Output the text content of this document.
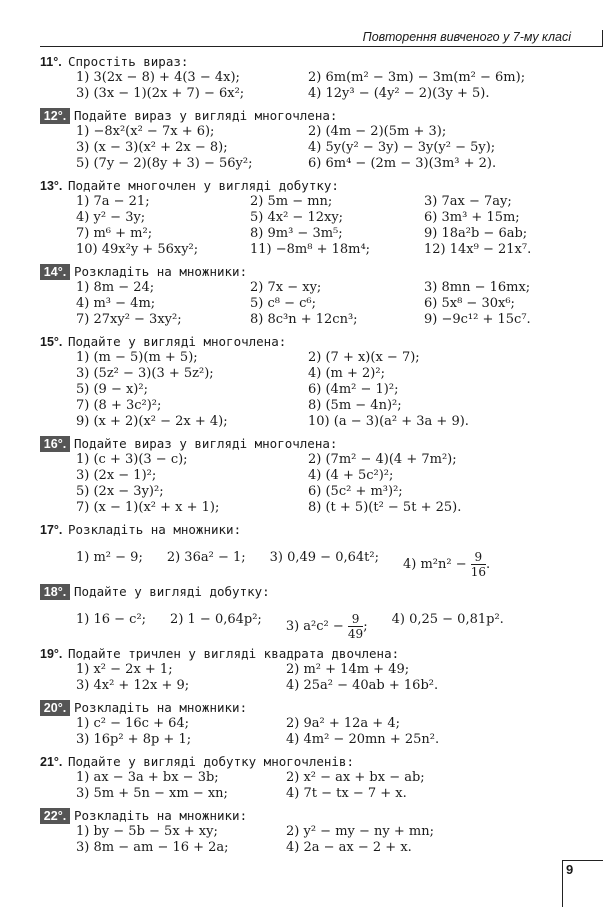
Повторення вивченого у 7-му класі
11°. Спростіть вираз:
1) 3(2x − 8) + 4(3 − 4x);	2) 6m(m² − 3m) − 3m(m² − 6m);
3) (3x − 1)(2x + 7) − 6x²;	4) 12y³ − (4y² − 2)(3y + 5).
12°. Подайте вираз у вигляді многочлена:
1) −8x²(x² − 7x + 6);	2) (4m − 2)(5m + 3);
3) (x − 3)(x² + 2x − 8);	4) 5y(y² − 3y) − 3y(y² − 5y);
5) (7y − 2)(8y + 3) − 56y²;	6) 6m⁴ − (2m − 3)(3m³ + 2).
13°. Подайте многочлен у вигляді добутку:
1) 7a − 21;	2) 5m − mn;	3) 7ax − 7ay;
4) y² − 3y;	5) 4x² − 12xy;	6) 3m³ + 15m;
7) m⁶ + m²;	8) 9m³ − 3m⁵;	9) 18a²b − 6ab;
10) 49x²y + 56xy²;	11) −8m⁸ + 18m⁴;	12) 14x⁹ − 21x⁷.
14°. Розкладіть на множники:
1) 8m − 24;	2) 7x − xy;	3) 8mn − 16mx;
4) m³ − 4m;	5) c⁸ − c⁶;	6) 5x⁸ − 30x⁶;
7) 27xy² − 3xy²;	8) 8c³n + 12cn³;	9) −9c¹² + 15c⁷.
15°. Подайте у вигляді многочлена:
1) (m − 5)(m + 5);	2) (7 + x)(x − 7);
3) (5z² − 3)(3 + 5z²);	4) (m + 2)²;
5) (9 − x)²;	6) (4m² − 1)²;
7) (8 + 3c²)²;	8) (5m − 4n)²;
9) (x + 2)(x² − 2x + 4);	10) (a − 3)(a² + 3a + 9).
16°. Подайте вираз у вигляді многочлена:
1) (c + 3)(3 − c);	2) (7m² − 4)(4 + 7m²);
3) (2x − 1)²;	4) (4 + 5c²)²;
5) (2x − 3y)²;	6) (5c² + m³)²;
7) (x − 1)(x² + x + 1);	8) (t + 5)(t² − 5t + 25).
17°. Розкладіть на множники:
1) m² − 9; 2) 36a² − 1; 3) 0,49 − 0,64t²; 4) $m^2n^2 - \frac{9}{16}$ .
18°. Подайте у вигляді добутку:
1) 16 − c²; 2) 1 − 0,64p²; 3) $a^2c^2 - \frac{9}{49}$ ; 4) 0,25 − 0,81p².
19°. Подайте тричлен у вигляді квадрата двочлена:
1) x² − 2x + 1;	2) m² + 14m + 49;
3) 4x² + 12x + 9;	4) 25a² − 40ab + 16b².
20°. Розкладіть на множники:
1) c² − 16c + 64;	2) 9a² + 12a + 4;
3) 16p² + 8p + 1;	4) 4m² − 20mn + 25n².
21°. Подайте у вигляді добутку многочленів:
1) ax − 3a + bx − 3b;	2) x² − ax + bx − ab;
3) 5m + 5n − xm − xn;	4) 7t − tx − 7 + x.
22°. Розкладіть на множники:
1) by − 5b − 5x + xy;	2) y² − my − ny + mn;
3) 8m − am − 16 + 2a;	4) 2a − ax − 2 + x.
9
